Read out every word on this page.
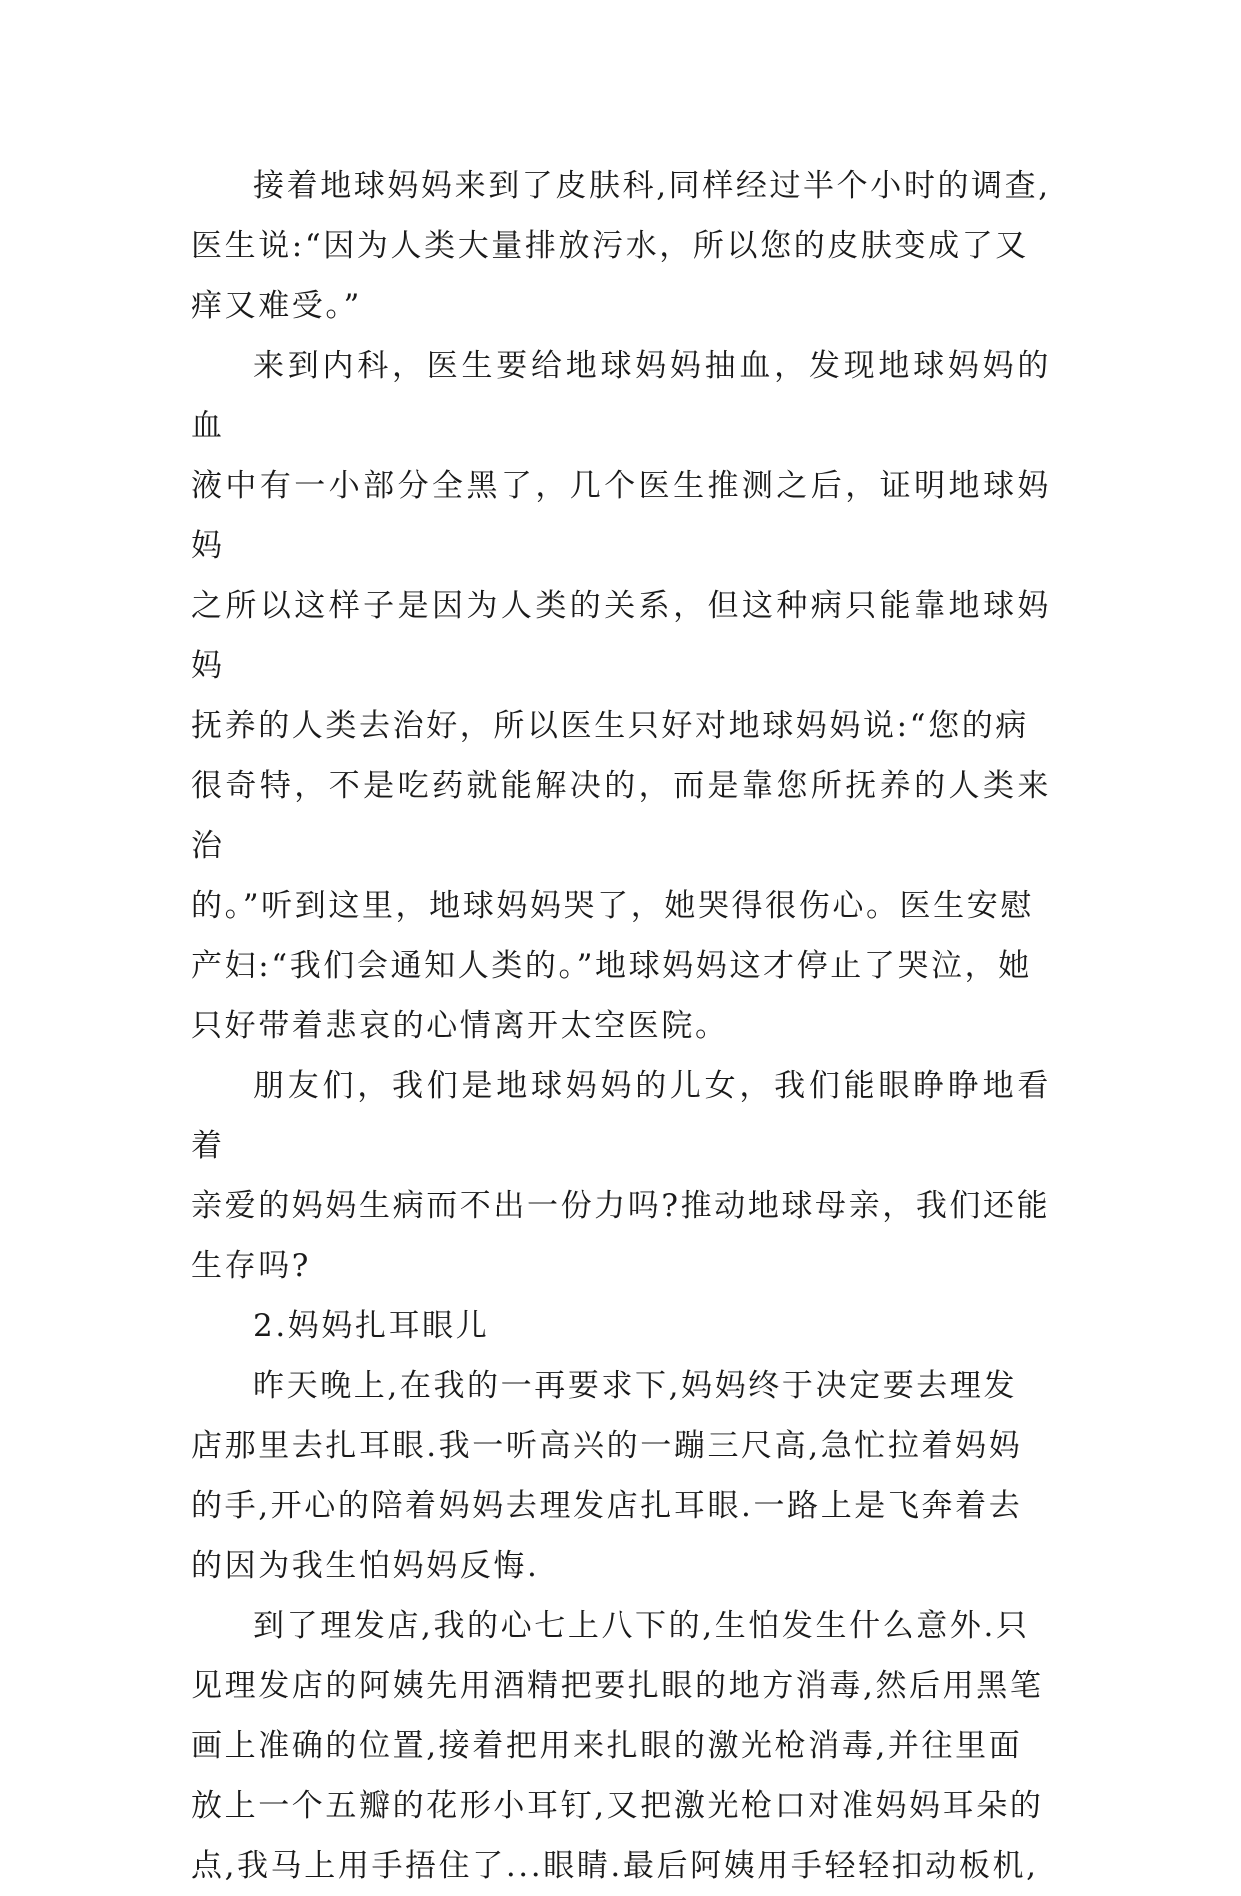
接着地球妈妈来到了皮肤科,同样经过半个小时的调查,
医生说:“因为人类大量排放污水，所以您的皮肤变成了又
痒又难受。”
来到内科，医生要给地球妈妈抽血，发现地球妈妈的血
液中有一小部分全黑了，几个医生推测之后，证明地球妈妈
之所以这样子是因为人类的关系，但这种病只能靠地球妈妈
抚养的人类去治好，所以医生只好对地球妈妈说:“您的病
很奇特，不是吃药就能解决的，而是靠您所抚养的人类来治
的。”听到这里，地球妈妈哭了，她哭得很伤心。医生安慰
产妇:“我们会通知人类的。”地球妈妈这才停止了哭泣，她
只好带着悲哀的心情离开太空医院。
朋友们，我们是地球妈妈的儿女，我们能眼睁睁地看着
亲爱的妈妈生病而不出一份力吗?推动地球母亲，我们还能
生存吗?
2.妈妈扎耳眼儿
昨天晚上,在我的一再要求下,妈妈终于决定要去理发
店那里去扎耳眼.我一听高兴的一蹦三尺高,急忙拉着妈妈
的手,开心的陪着妈妈去理发店扎耳眼.一路上是飞奔着去
的因为我生怕妈妈反悔.
到了理发店,我的心七上八下的,生怕发生什么意外.只
见理发店的阿姨先用酒精把要扎眼的地方消毒,然后用黑笔
画上准确的位置,接着把用来扎眼的激光枪消毒,并往里面
放上一个五瓣的花形小耳钉,又把激光枪口对准妈妈耳朵的
点,我马上用手捂住了...眼睛.最后阿姨用手轻轻扣动板机,
